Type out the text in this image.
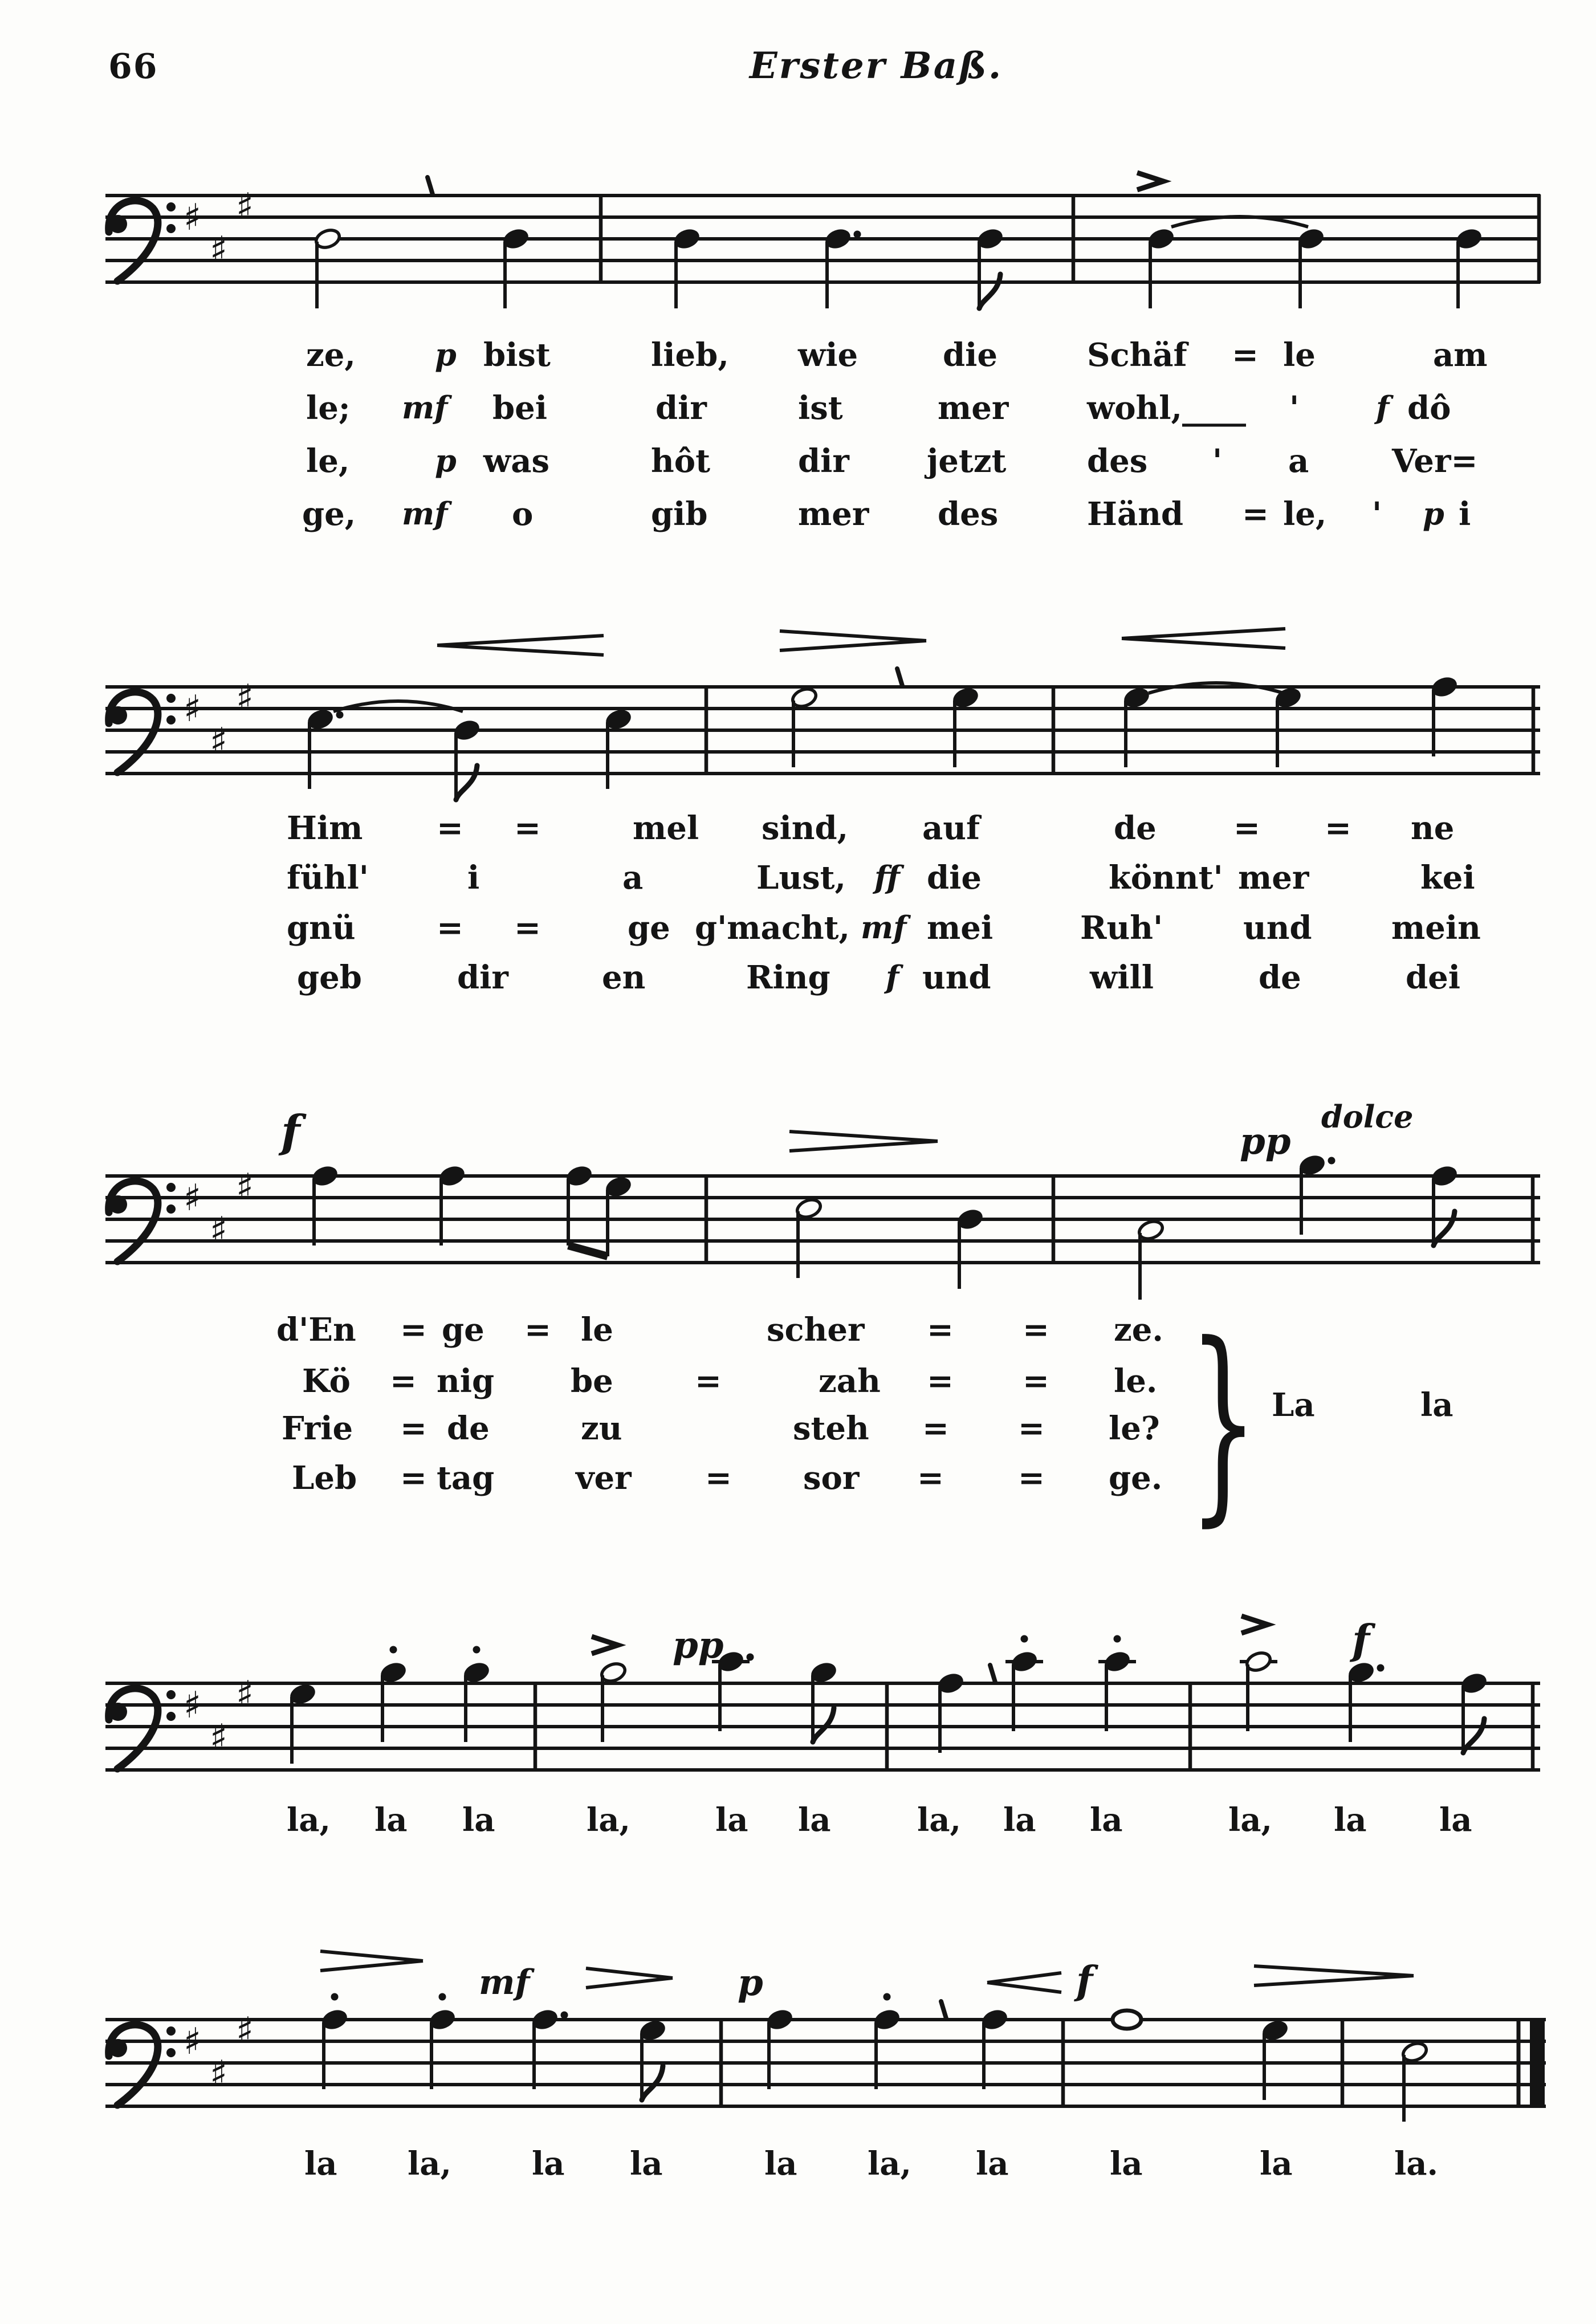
66	Erster Baß.
♯
♯
♯
♯
♯
♯
♯
♯
♯
f	pp
dolce
♯
♯
♯
pp	f
♯
♯
♯
mf	p	f
ze,	p bist	lieb, wie	die	Schäf = le	am
le; mf bei	dir	ist	mer wohl,____ ' f dô
le,	p was	hôt	dir jetzt	des ' a	Ver=
ge, mf o	gib	mer des	Händ = le, ' p i
Him = =	mel sind, auf	de = = ne
fühl'	i	a	Lust, ff die	könnt' mer	kei
gnü	= =	ge g'macht, mf mei	Ruh'	und mein
geb	dir	en	Ring f und	will	de	dei
d'En = ge = le	scher = = ze.
Kö = nig be	=	zah = = le.
Frie = de	zu	steh = = le?
Leb = tag	ver = sor = = ge.
La	la
la, la la	la,	la la	la, la la	la, la la
la la,	la la	la la, la	la	la	la.
}
